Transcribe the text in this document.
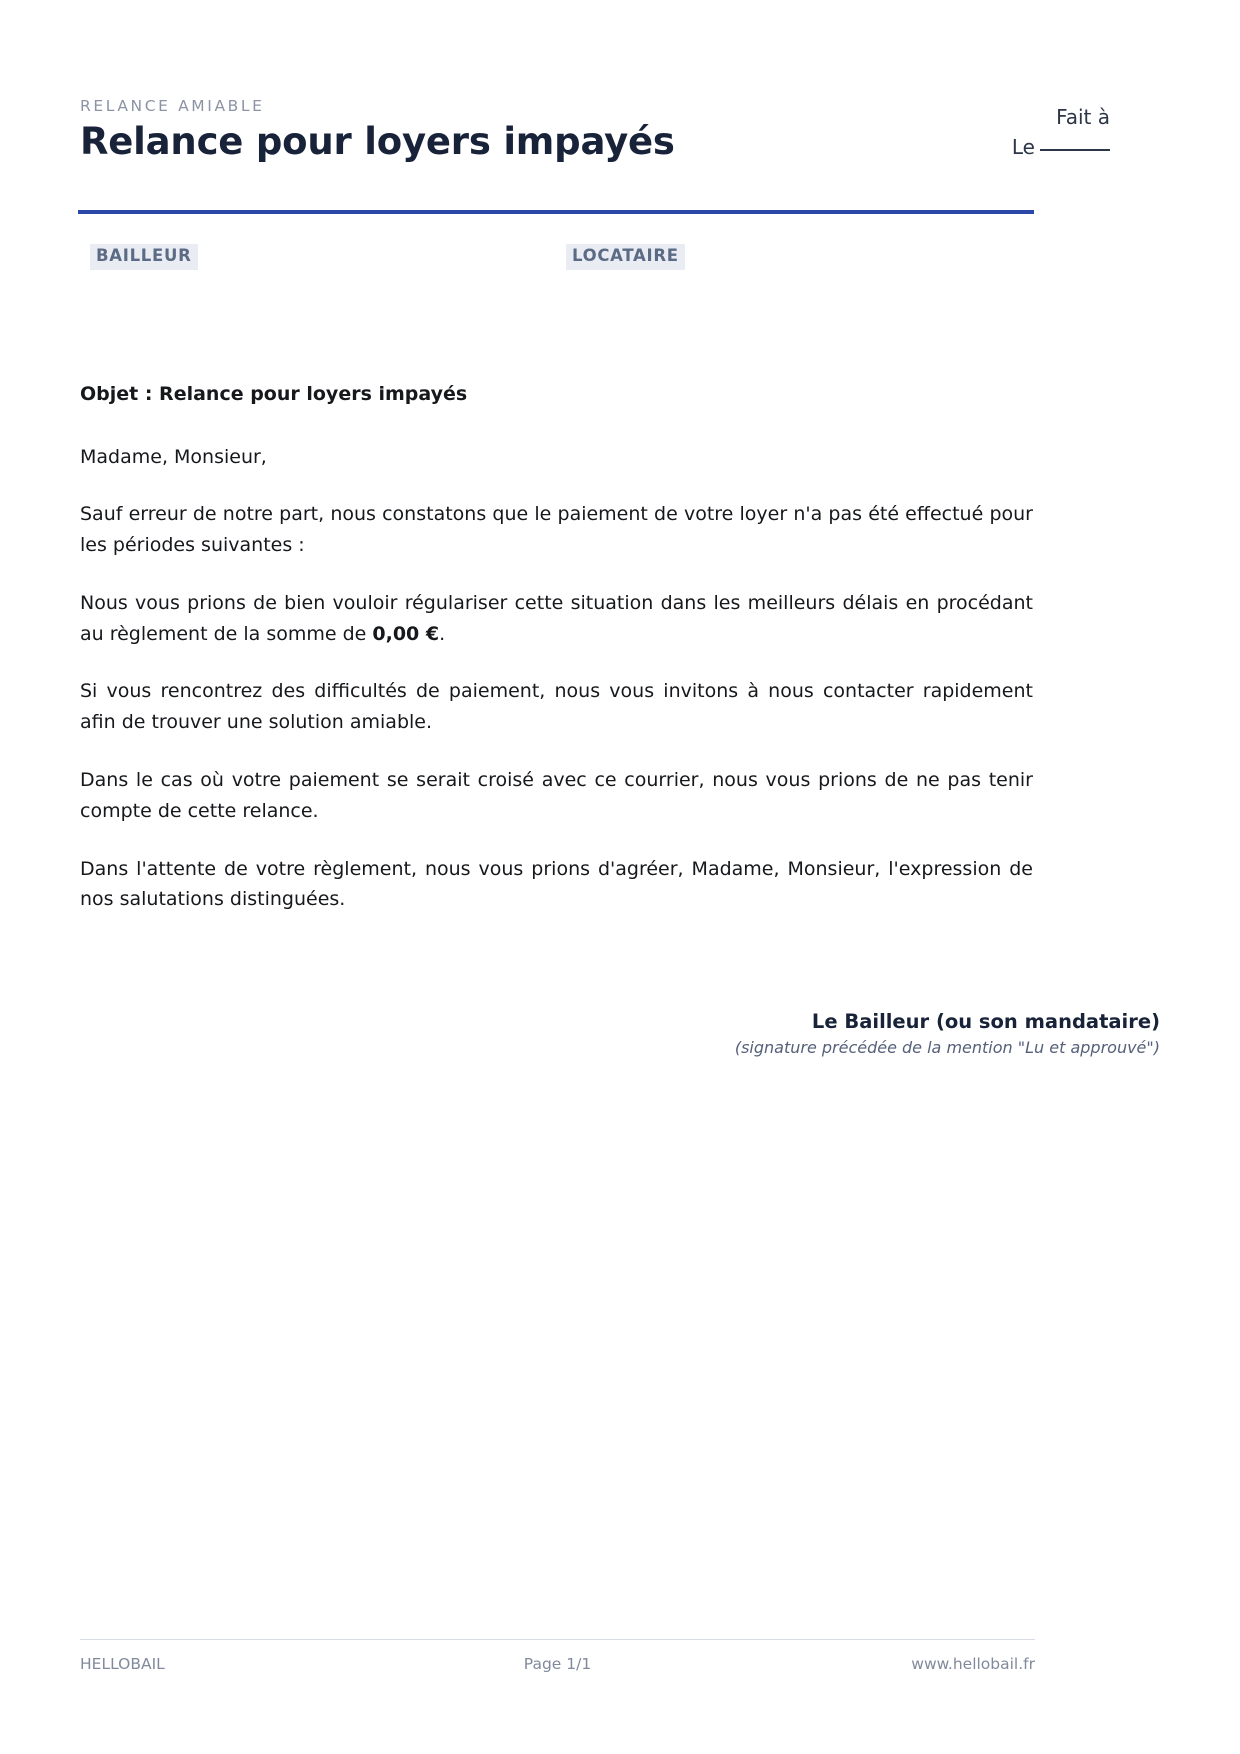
RELANCE AMIABLE
Relance pour loyers impayés
Fait à
Le
BAILLEUR	LOCATAIRE

Objet : Relance pour loyers impayés

Madame, Monsieur,

Sauf erreur de notre part, nous constatons que le paiement de votre loyer n'a pas été effectué pour les périodes suivantes :

Nous vous prions de bien vouloir régulariser cette situation dans les meilleurs délais en procédant au règlement de la somme de 0,00 €.

Si vous rencontrez des difficultés de paiement, nous vous invitons à nous contacter rapidement afin de trouver une solution amiable.

Dans le cas où votre paiement se serait croisé avec ce courrier, nous vous prions de ne pas tenir compte de cette relance.

Dans l'attente de votre règlement, nous vous prions d'agréer, Madame, Monsieur, l'expression de nos salutations distinguées.

Le Bailleur (ou son mandataire)

(signature précédée de la mention "Lu et approuvé")

HELLOBAIL	Page 1/1	www.hellobail.fr
